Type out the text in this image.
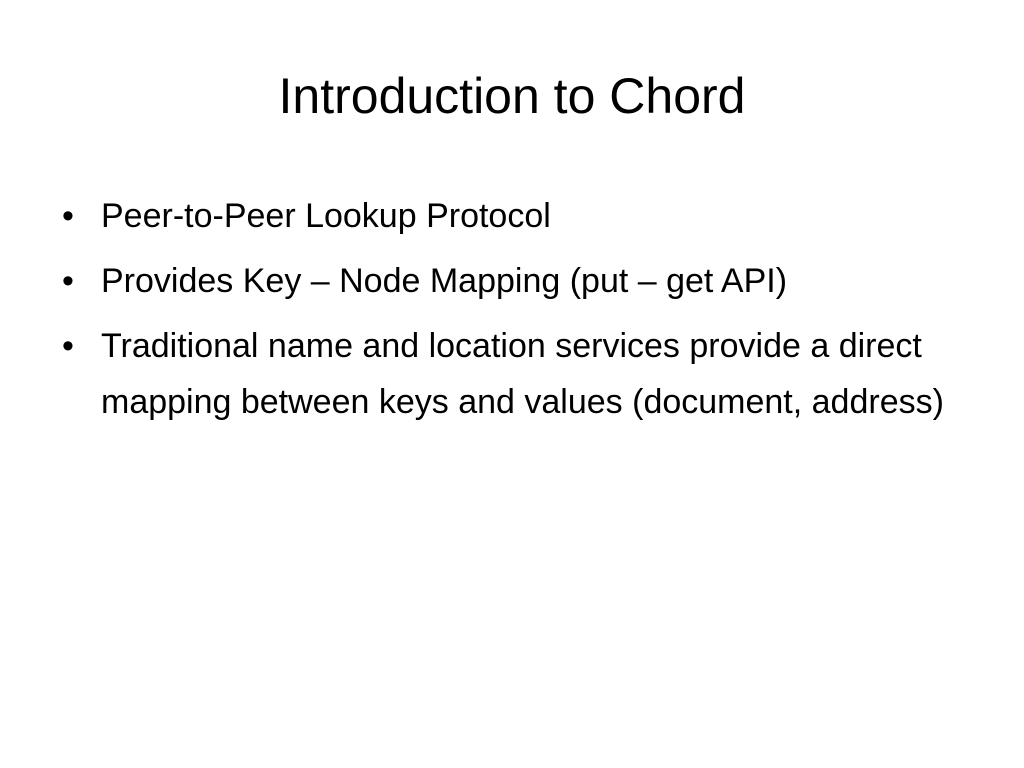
Introduction to Chord
• Peer-to-Peer Lookup Protocol
• Provides Key – Node Mapping (put – get API)
• Traditional name and location services provide a direct mapping between keys and values (document, address)
